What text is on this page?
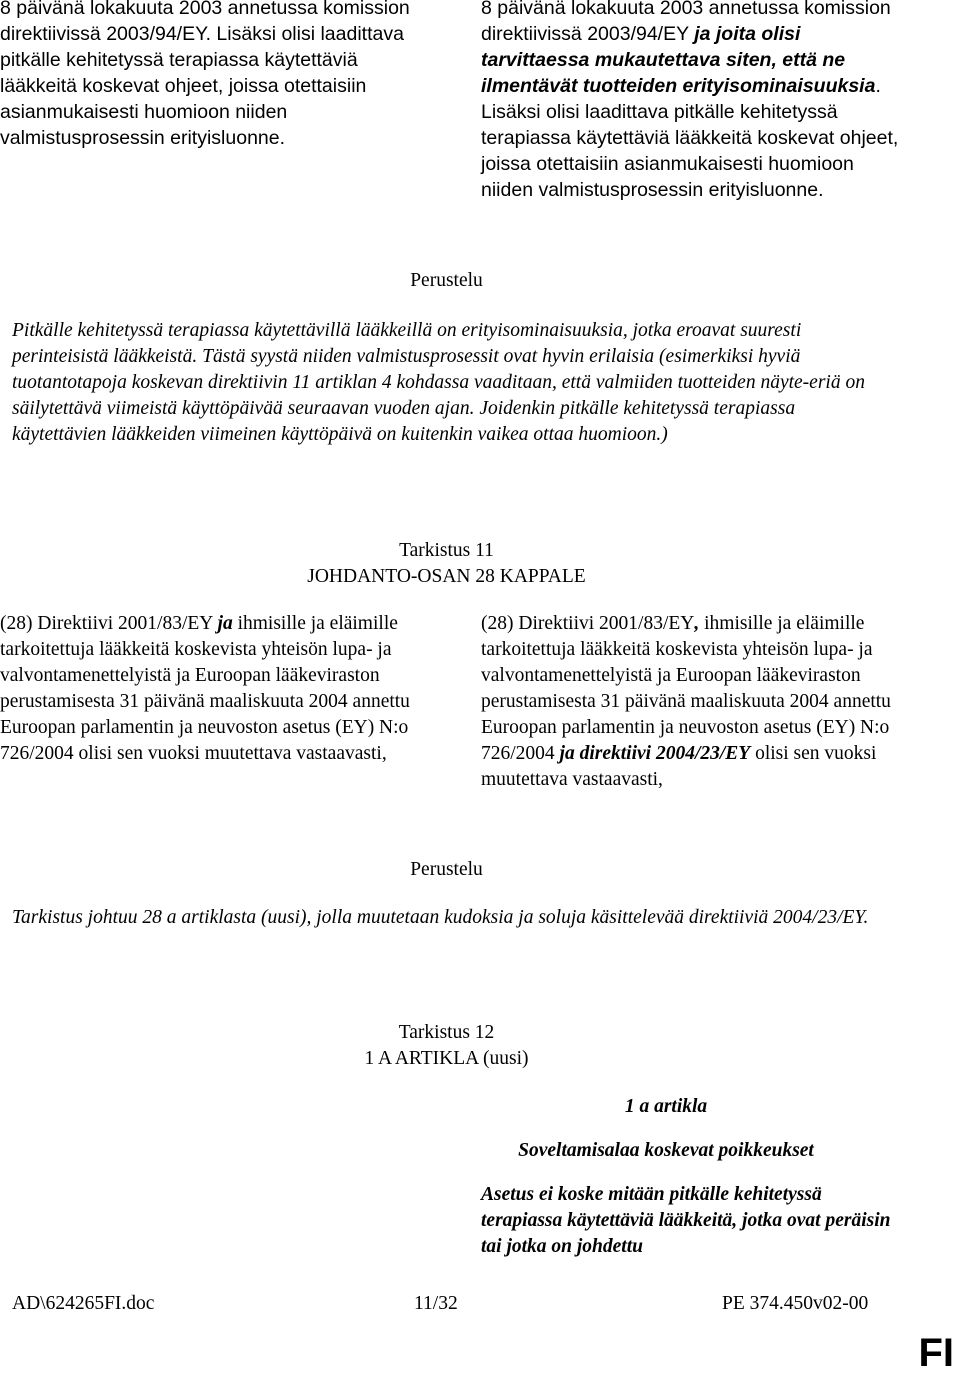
8 päivänä lokakuuta 2003 annetussa komission direktiivissä 2003/94/EY. Lisäksi olisi laadittava pitkälle kehitetyssä terapiassa käytettäviä lääkkeitä koskevat ohjeet, joissa otettaisiin asianmukaisesti huomioon niiden valmistusprosessin erityisluonne.
8 päivänä lokakuuta 2003 annetussa komission direktiivissä 2003/94/EY ja joita olisi tarvittaessa mukautettava siten, että ne ilmentävät tuotteiden erityisominaisuuksia. Lisäksi olisi laadittava pitkälle kehitetyssä terapiassa käytettäviä lääkkeitä koskevat ohjeet, joissa otettaisiin asianmukaisesti huomioon niiden valmistusprosessin erityisluonne.
Perustelu
Pitkälle kehitetyssä terapiassa käytettävillä lääkkeillä on erityisominaisuuksia, jotka eroavat suuresti perinteisistä lääkkeistä. Tästä syystä niiden valmistusprosessit ovat hyvin erilaisia (esimerkiksi hyviä tuotantotapoja koskevan direktiivin 11 artiklan 4 kohdassa vaaditaan, että valmiiden tuotteiden näyte-eriä on säilytettävä viimeistä käyttöpäivää seuraavan vuoden ajan. Joidenkin pitkälle kehitetyssä terapiassa käytettävien lääkkeiden viimeinen käyttöpäivä on kuitenkin vaikea ottaa huomioon.)
Tarkistus 11
JOHDANTO-OSAN 28 KAPPALE
(28) Direktiivi 2001/83/EY ja ihmisille ja eläimille tarkoitettuja lääkkeitä koskevista yhteisön lupa- ja valvontamenettelyistä ja Euroopan lääkeviraston perustamisesta 31 päivänä maaliskuuta 2004 annettu Euroopan parlamentin ja neuvoston asetus (EY) N:o 726/2004 olisi sen vuoksi muutettava vastaavasti,
(28) Direktiivi 2001/83/EY, ihmisille ja eläimille tarkoitettuja lääkkeitä koskevista yhteisön lupa- ja valvontamenettelyistä ja Euroopan lääkeviraston perustamisesta 31 päivänä maaliskuuta 2004 annettu Euroopan parlamentin ja neuvoston asetus (EY) N:o 726/2004 ja direktiivi 2004/23/EY olisi sen vuoksi muutettava vastaavasti,
Perustelu
Tarkistus johtuu 28 a artiklasta (uusi), jolla muutetaan kudoksia ja soluja käsittelevää direktiiviä 2004/23/EY.
Tarkistus 12
1 A ARTIKLA (uusi)
1 a artikla
Soveltamisalaa koskevat poikkeukset
Asetus ei koske mitään pitkälle kehitetyssä terapiassa käytettäviä lääkkeitä, jotka ovat peräisin tai jotka on johdettu
AD\624265FI.doc	11/32	PE 374.450v02-00
FI
